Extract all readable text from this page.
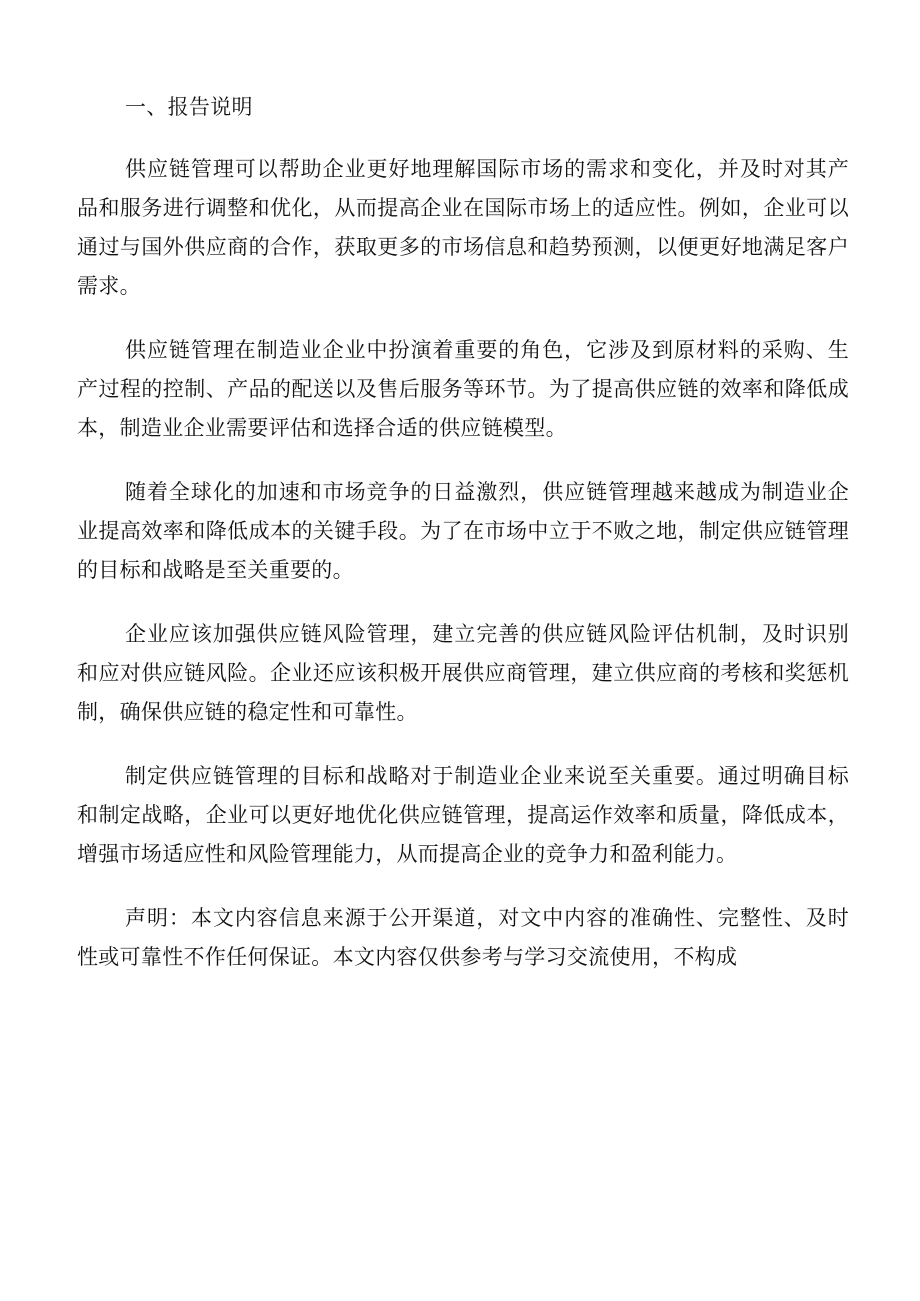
一、报告说明

供应链管理可以帮助企业更好地理解国际市场的需求和变化，并及时对其产品和服务进行调整和优化，从而提高企业在国际市场上的适应性。例如，企业可以通过与国外供应商的合作，获取更多的市场信息和趋势预测，以便更好地满足客户需求。

供应链管理在制造业企业中扮演着重要的角色，它涉及到原材料的采购、生产过程的控制、产品的配送以及售后服务等环节。为了提高供应链的效率和降低成本，制造业企业需要评估和选择合适的供应链模型。

随着全球化的加速和市场竞争的日益激烈，供应链管理越来越成为制造业企业提高效率和降低成本的关键手段。为了在市场中立于不败之地，制定供应链管理的目标和战略是至关重要的。

企业应该加强供应链风险管理，建立完善的供应链风险评估机制，及时识别和应对供应链风险。企业还应该积极开展供应商管理，建立供应商的考核和奖惩机制，确保供应链的稳定性和可靠性。

制定供应链管理的目标和战略对于制造业企业来说至关重要。通过明确目标和制定战略，企业可以更好地优化供应链管理，提高运作效率和质量，降低成本，增强市场适应性和风险管理能力，从而提高企业的竞争力和盈利能力。

声明：本文内容信息来源于公开渠道，对文中内容的准确性、完整性、及时性或可靠性不作任何保证。本文内容仅供参考与学习交流使用，不构成
